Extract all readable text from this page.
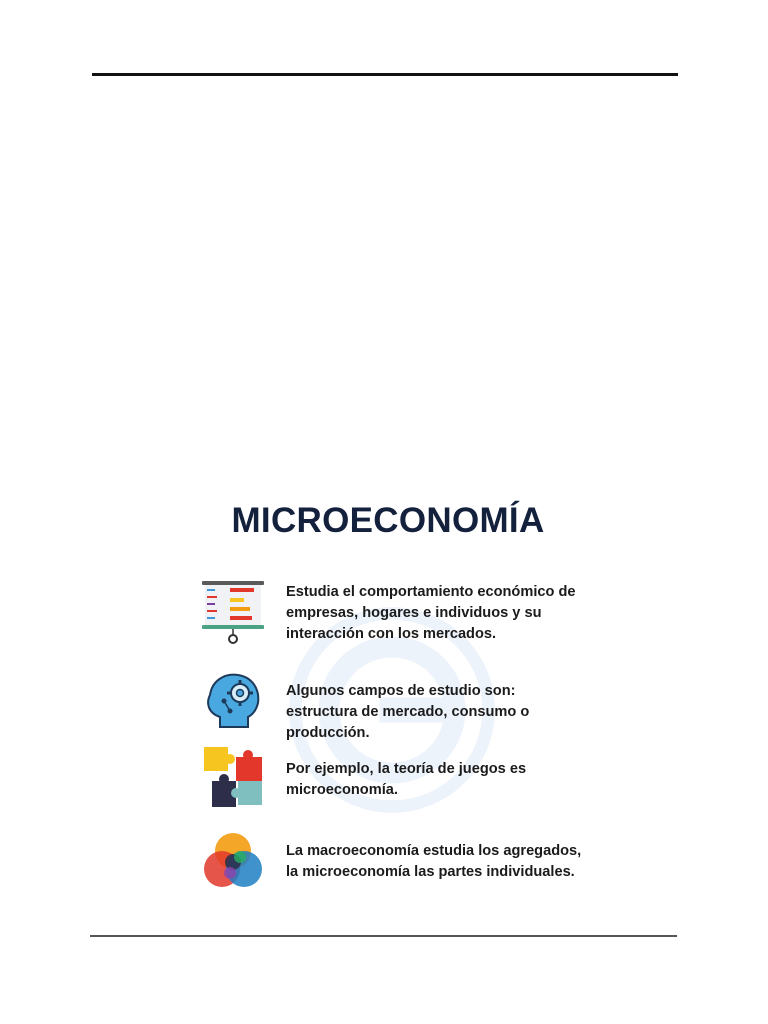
MICROECONOMÍA
Estudia el comportamiento económico de empresas, hogares e individuos y su interacción con los mercados.
Algunos campos de estudio son: estructura de mercado, consumo o producción.
Por ejemplo, la teoría de juegos es microeconomía.
La macroeconomía estudia los agregados, la microeconomía las partes individuales.
